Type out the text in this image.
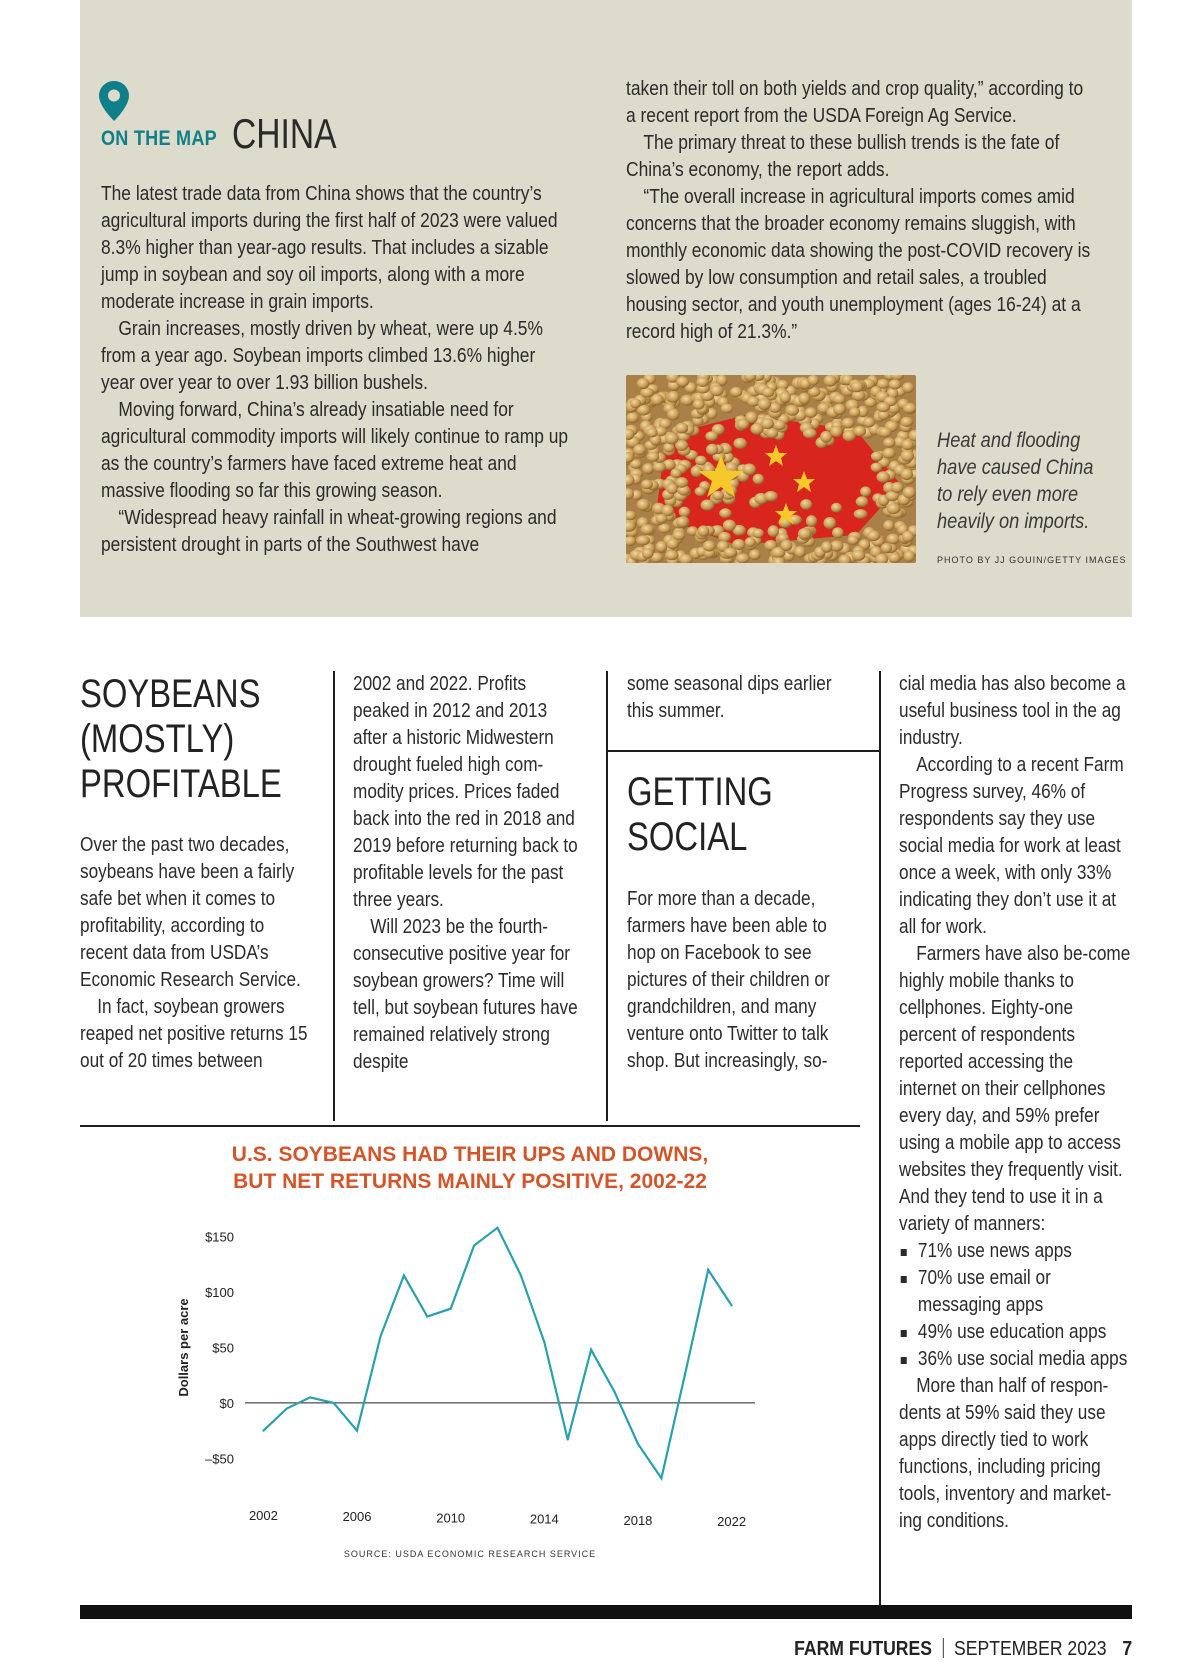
ON THE MAP CHINA

The latest trade data from China shows that the country’s agricultural imports during the first half of 2023 were valued 8.3% higher than year-ago results. That includes a sizable jump in soybean and soy oil imports, along with a more moderate increase in grain imports.

Grain increases, mostly driven by wheat, were up 4.5% from a year ago. Soybean imports climbed 13.6% higher year over year to over 1.93 billion bushels.

Moving forward, China’s already insatiable need for agricultural commodity imports will likely continue to ramp up as the country’s farmers have faced extreme heat and massive flooding so far this growing season.

“Widespread heavy rainfall in wheat-growing regions and persistent drought in parts of the Southwest have

taken their toll on both yields and crop quality,” according to a recent report from the USDA Foreign Ag Service.

The primary threat to these bullish trends is the fate of China’s economy, the report adds.

“The overall increase in agricultural imports comes amid concerns that the broader economy remains sluggish, with monthly economic data showing the post-COVID recovery is slowed by low consumption and retail sales, a troubled housing sector, and youth unemployment (ages 16-24) at a record high of 21.3%.”

Heat and flooding have caused China to rely even more heavily on imports.
PHOTO BY JJ GOUIN/GETTY IMAGES
SOYBEANS (MOSTLY) PROFITABLE

Over the past two decades, soybeans have been a fairly safe bet when it comes to profitability, according to recent data from USDA’s Economic Research Service.

In fact, soybean growers reaped net positive returns 15 out of 20 times between

2002 and 2022. Profits peaked in 2012 and 2013 after a historic Midwestern drought fueled high com-modity prices. Prices faded back into the red in 2018 and 2019 before returning back to profitable levels for the past three years.

Will 2023 be the fourth-consecutive positive year for soybean growers? Time will tell, but soybean futures have remained relatively strong despite

some seasonal dips earlier this summer.

GETTING SOCIAL

For more than a decade, farmers have been able to hop on Facebook to see pictures of their children or grandchildren, and many venture onto Twitter to talk shop. But increasingly, so-

cial media has also become a useful business tool in the ag industry.

According to a recent Farm Progress survey, 46% of respondents say they use social media for work at least once a week, with only 33% indicating they don’t use it at all for work.

Farmers have also be-come highly mobile thanks to cellphones. Eighty-one percent of respondents reported accessing the internet on their cellphones every day, and 59% prefer using a mobile app to access websites they frequently visit. And they tend to use it in a variety of manners:

71% use news apps
70% use email or messaging apps
49% use education apps
36% use social media apps

More than half of respon-dents at 59% said they use apps directly tied to work functions, including pricing tools, inventory and market-ing conditions.

U.S. SOYBEANS HAD THEIR UPS AND DOWNS,
BUT NET RETURNS MAINLY POSITIVE, 2002-22
Dollars per acre
$150
$100
$50
$0
–$50
2002	2006	2010	2014	2018	2022
SOURCE: USDA ECONOMIC RESEARCH SERVICE
FARM FUTURES SEPTEMBER 2023 7
